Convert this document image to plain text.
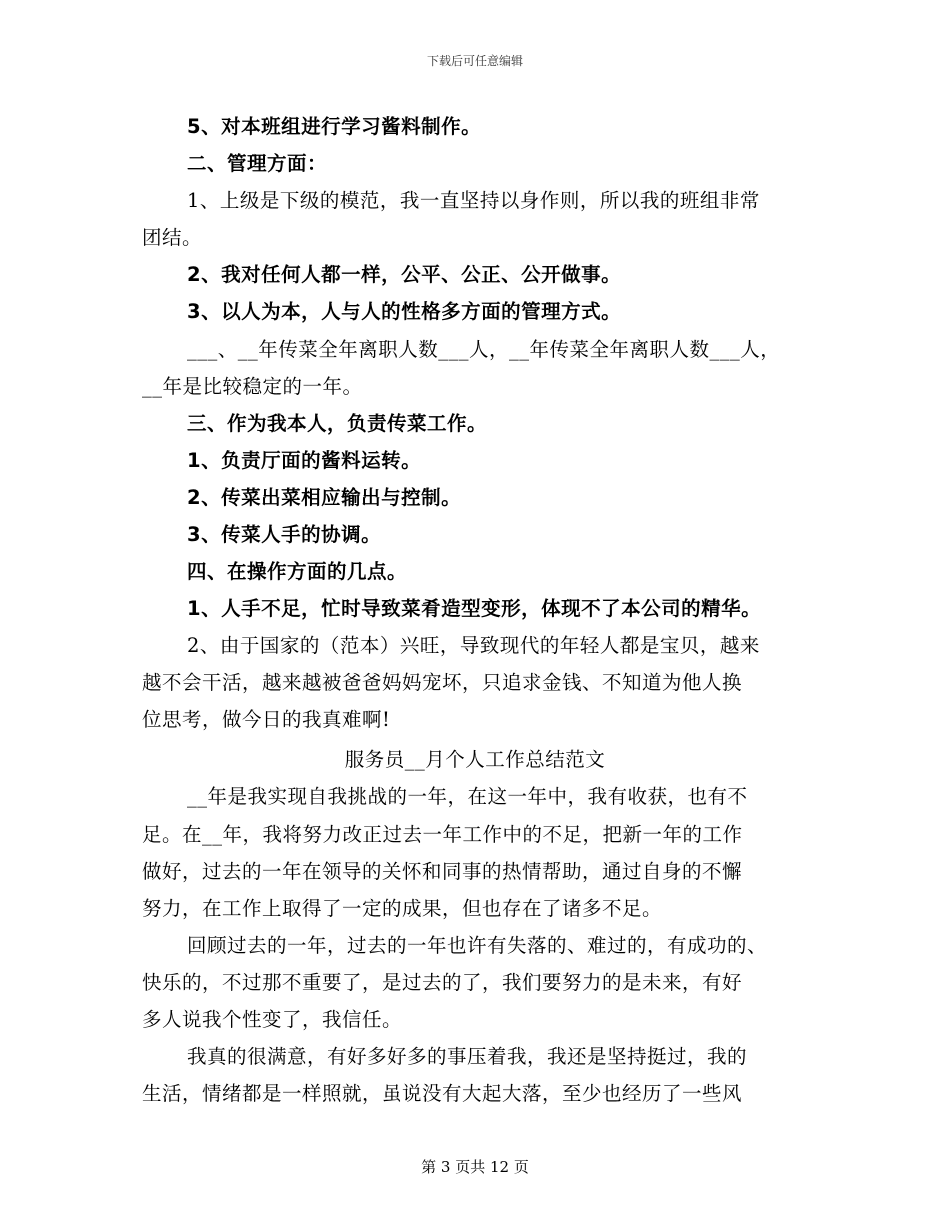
下载后可任意编辑
5、对本班组进行学习酱料制作。
二、管理方面：
1、上级是下级的模范，我一直坚持以身作则，所以我的班组非常
团结。
2、我对任何人都一样，公平、公正、公开做事。
3、以人为本，人与人的性格多方面的管理方式。
___、__年传菜全年离职人数___人，__年传菜全年离职人数___人，
__年是比较稳定的一年。
三、作为我本人，负责传菜工作。
1、负责厅面的酱料运转。
2、传菜出菜相应输出与控制。
3、传菜人手的协调。
四、在操作方面的几点。
1、人手不足，忙时导致菜肴造型变形，体现不了本公司的精华。
2、由于国家的（范本）兴旺，导致现代的年轻人都是宝贝，越来
越不会干活，越来越被爸爸妈妈宠坏，只追求金钱、不知道为他人换
位思考，做今日的我真难啊!
服务员__月个人工作总结范文
__年是我实现自我挑战的一年，在这一年中，我有收获，也有不
足。在__年，我将努力改正过去一年工作中的不足，把新一年的工作
做好，过去的一年在领导的关怀和同事的热情帮助，通过自身的不懈
努力，在工作上取得了一定的成果，但也存在了诸多不足。
回顾过去的一年，过去的一年也许有失落的、难过的，有成功的、
快乐的，不过那不重要了，是过去的了，我们要努力的是未来，有好
多人说我个性变了，我信任。
我真的很满意，有好多好多的事压着我，我还是坚持挺过，我的
生活，情绪都是一样照就，虽说没有大起大落，至少也经历了一些风
第 3 页共 12 页
